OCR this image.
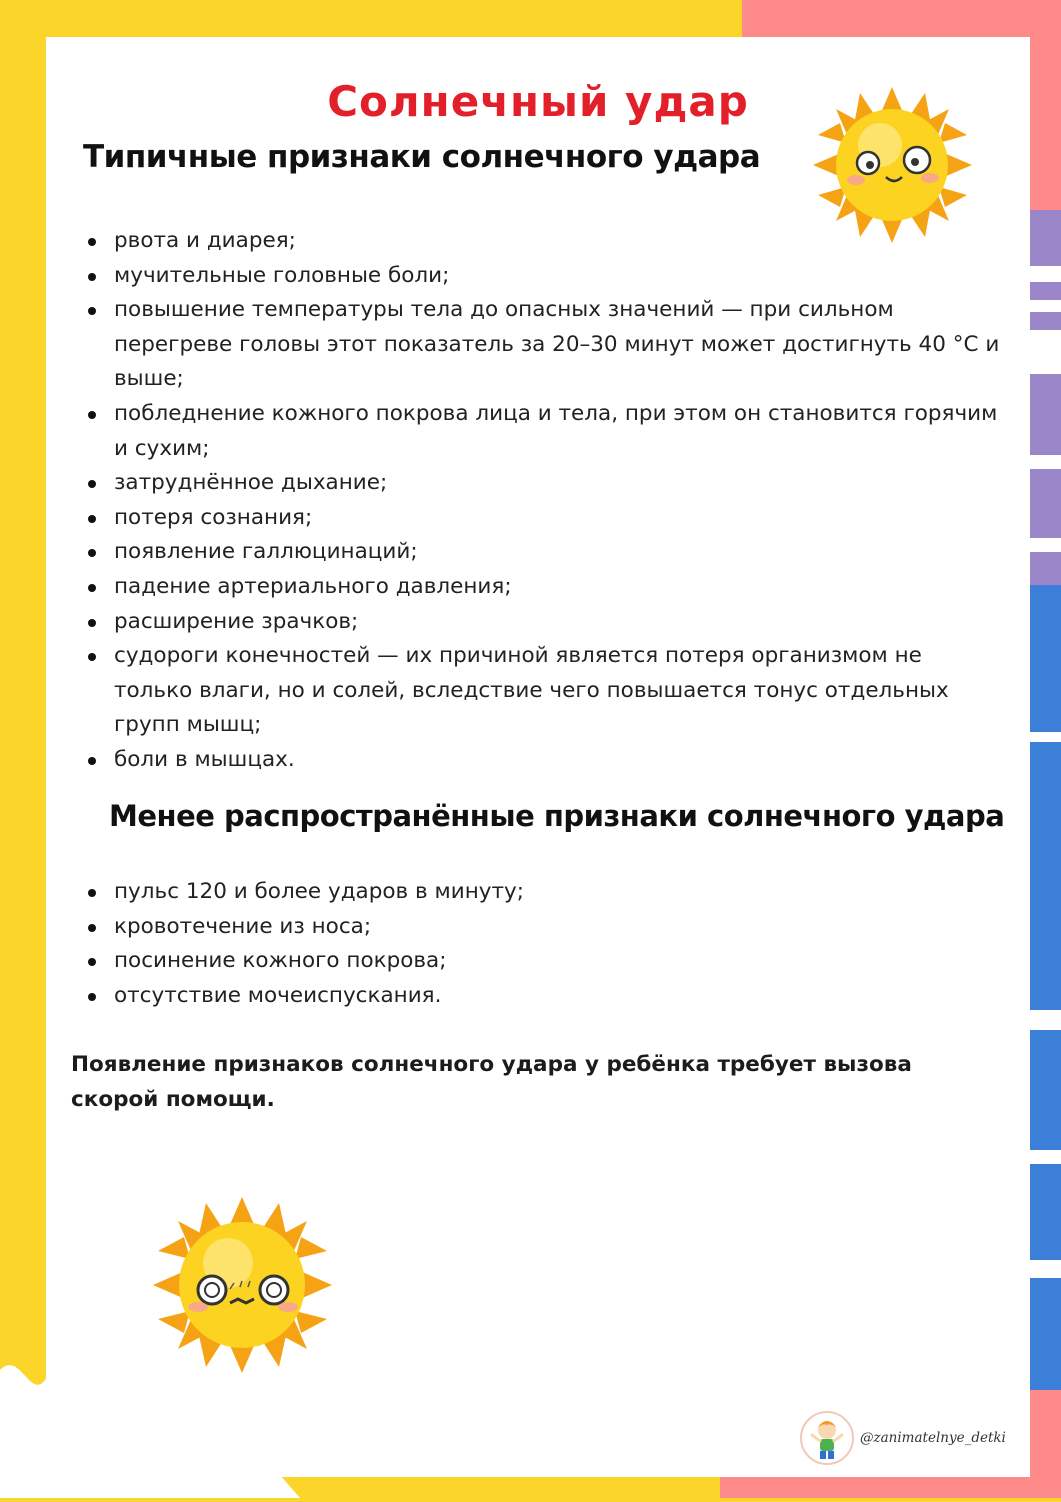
Солнечный удар
Типичные признаки солнечного удара
рвота и диарея;
мучительные головные боли;
повышение температуры тела до опасных значений — при сильном перегреве головы этот показатель за 20–30 минут может достигнуть 40 °С и выше;
побледнение кожного покрова лица и тела, при этом он становится горячим и сухим;
затруднённое дыхание;
потеря сознания;
появление галлюцинаций;
падение артериального давления;
расширение зрачков;
судороги конечностей — их причиной является потеря организмом не только влаги, но и солей, вследствие чего повышается тонус отдельных групп мышц;
боли в мышцах.
Менее распространённые признаки солнечного удара
пульс 120 и более ударов в минуту;
кровотечение из носа;
посинение кожного покрова;
отсутствие мочеиспускания.

Появление признаков солнечного удара у ребёнка требует вызова скорой помощи.

@zanimatelnye_detki
